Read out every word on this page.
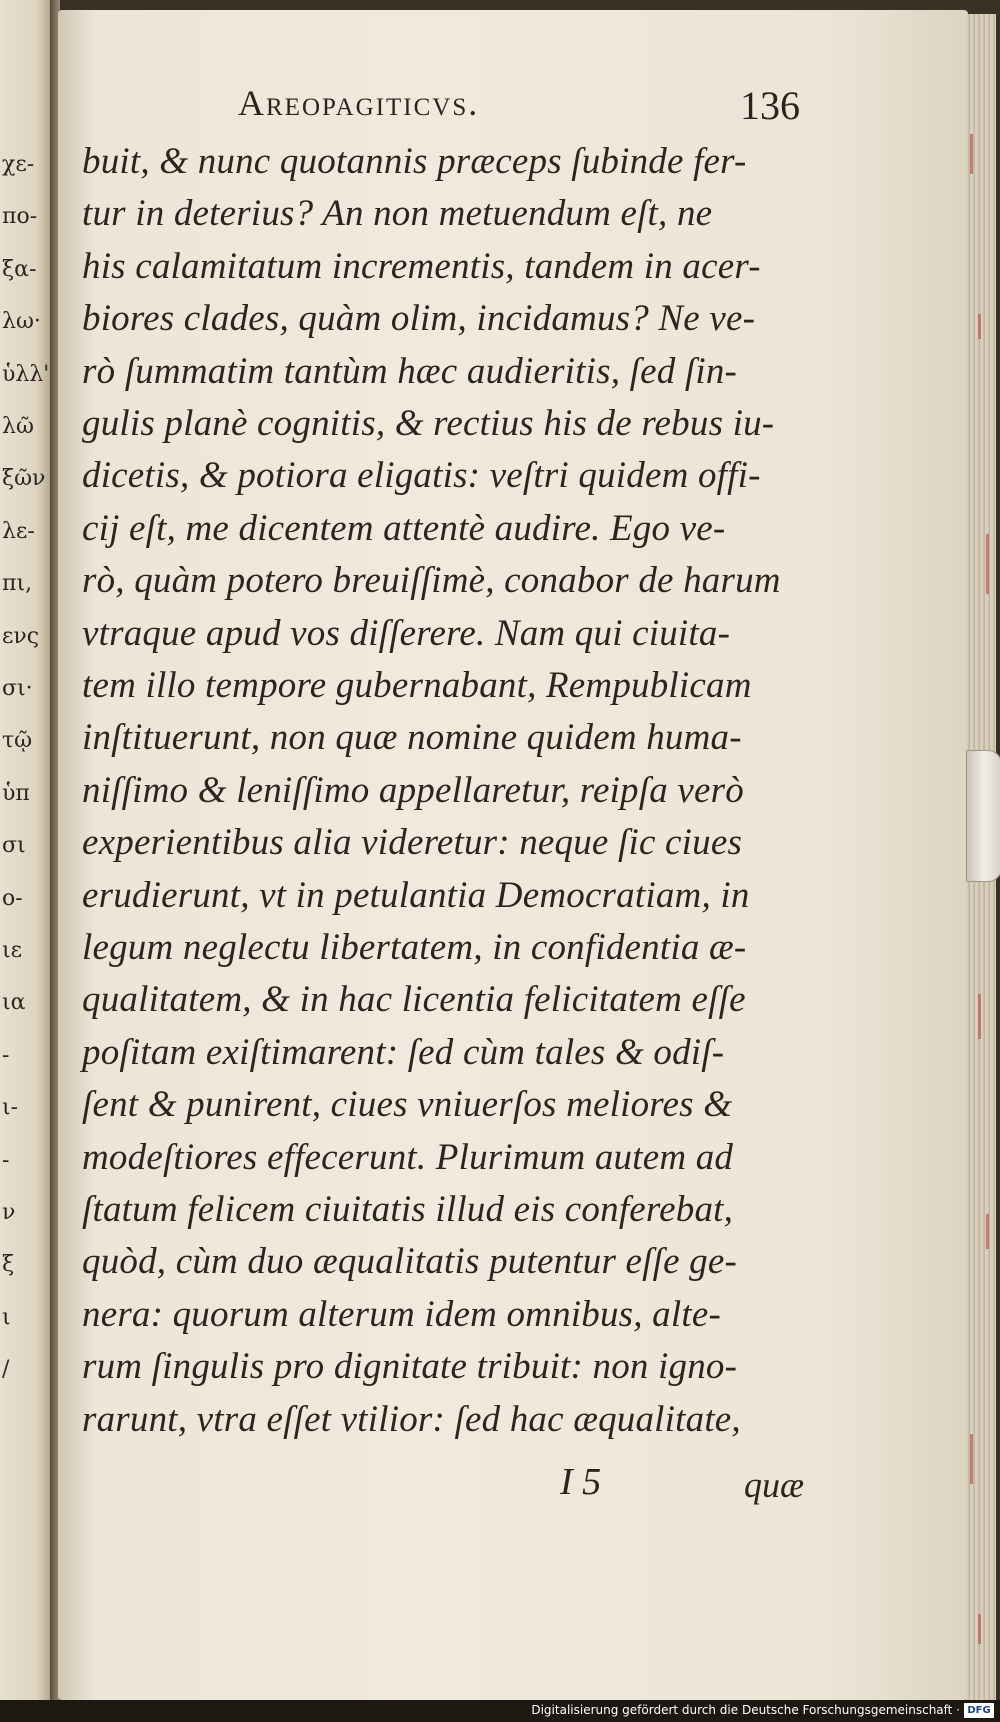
χε-
πο-
ξα-
λω·
ὑλλ'
λῶ
ξῶν
λε-
πι,
ενς
σι·
τῷ
ὑπ
σι
ο-
ιε
ια
-
ι-
-
ν
ξ
ι
/
Areopagiticvs.	136
I 5	quæ
buit, & nunc quotannis præceps ſubinde fer-
tur in deterius? An non metuendum eſt, ne
his calamitatum incrementis, tandem in acer-
biores clades, quàm olim, incidamus? Ne ve-
rò ſummatim tantùm hæc audieritis, ſed ſin-
gulis planè cognitis, & rectius his de rebus iu-
dicetis, & potiora eligatis: veſtri quidem offi-
cij eſt, me dicentem attentè audire. Ego ve-
rò, quàm potero breuiſſimè, conabor de harum
vtraque apud vos diſſerere. Nam qui ciuita-
tem illo tempore gubernabant, Rempublicam
inſtituerunt, non quæ nomine quidem huma-
niſſimo & leniſſimo appellaretur, reipſa verò
experientibus alia videretur: neque ſic ciues
erudierunt, vt in petulantia Democratiam, in
legum neglectu libertatem, in confidentia æ-
qualitatem, & in hac licentia felicitatem eſſe
poſitam exiſtimarent: ſed cùm tales & odiſ-
ſent & punirent, ciues vniuerſos meliores &
modeſtiores effecerunt. Plurimum autem ad
ſtatum felicem ciuitatis illud eis conferebat,
quòd, cùm duo æqualitatis putentur eſſe ge-
nera: quorum alterum idem omnibus, alte-
rum ſingulis pro dignitate tribuit: non igno-
rarunt, vtra eſſet vtilior: ſed hac æqualitate,
Digitalisierung gefördert durch die Deutsche Forschungsgemeinschaft · DFG
